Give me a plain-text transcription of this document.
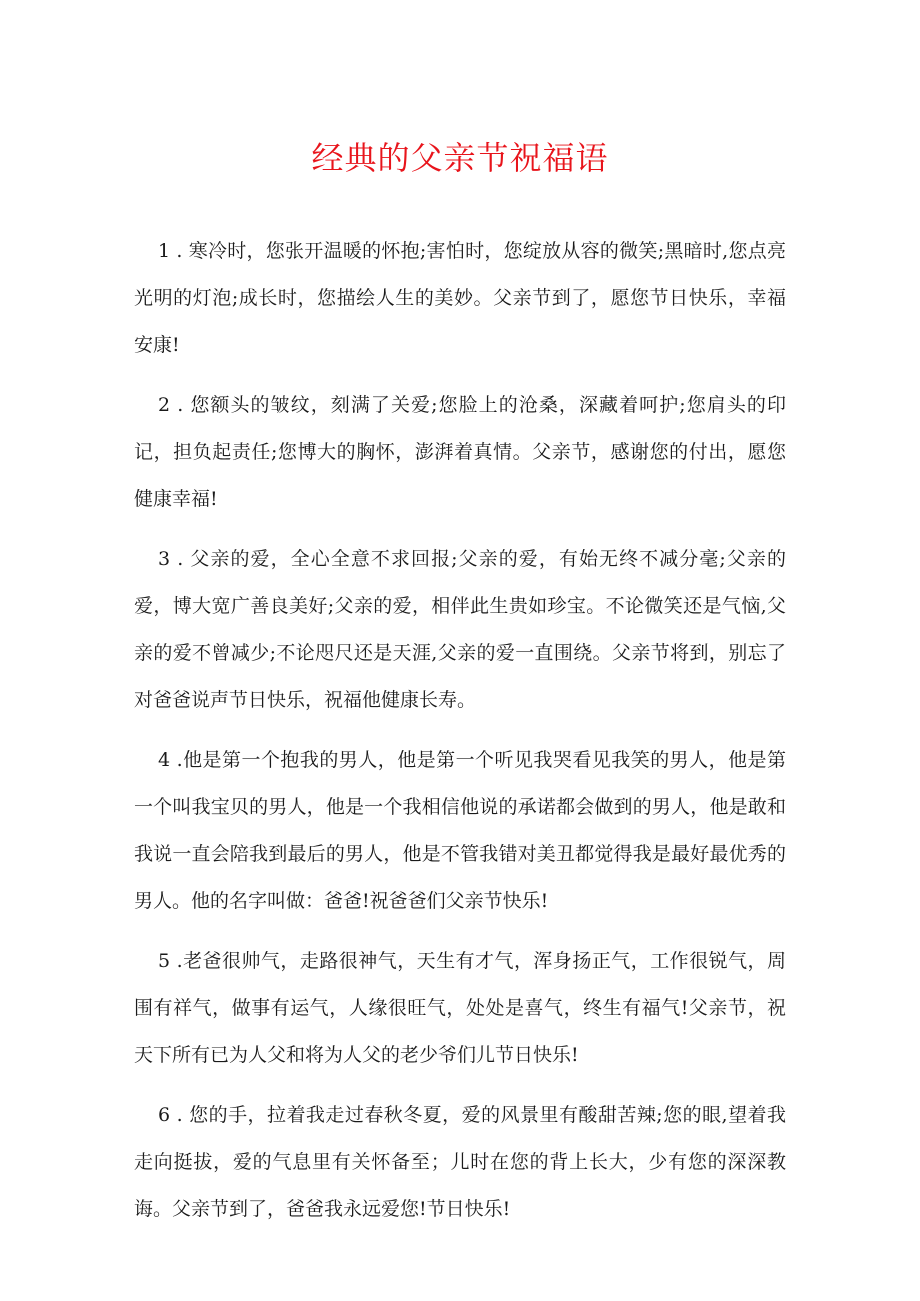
经典的父亲节祝福语

1 . 寒冷时，您张开温暖的怀抱;害怕时，您绽放从容的微笑;黑暗时,您点亮光明的灯泡;成长时，您描绘人生的美妙。父亲节到了，愿您节日快乐，幸福安康!

2 . 您额头的皱纹，刻满了关爱;您脸上的沧桑，深藏着呵护;您肩头的印记，担负起责任;您博大的胸怀，澎湃着真情。父亲节，感谢您的付出，愿您健康幸福!

3 . 父亲的爱，全心全意不求回报;父亲的爱，有始无终不减分毫;父亲的爱，博大宽广善良美好;父亲的爱，相伴此生贵如珍宝。不论微笑还是气恼,父亲的爱不曾减少;不论咫尺还是天涯,父亲的爱一直围绕。父亲节将到，别忘了对爸爸说声节日快乐，祝福他健康长寿。

4 .他是第一个抱我的男人，他是第一个听见我哭看见我笑的男人，他是第一个叫我宝贝的男人，他是一个我相信他说的承诺都会做到的男人，他是敢和我说一直会陪我到最后的男人，他是不管我错对美丑都觉得我是最好最优秀的男人。他的名字叫做：爸爸!祝爸爸们父亲节快乐!

5 .老爸很帅气，走路很神气，天生有才气，浑身扬正气，工作很锐气，周围有祥气，做事有运气，人缘很旺气，处处是喜气，终生有福气!父亲节，祝天下所有已为人父和将为人父的老少爷们儿节日快乐!

6 . 您的手，拉着我走过春秋冬夏，爱的风景里有酸甜苦辣;您的眼,望着我走向挺拔，爱的气息里有关怀备至；儿时在您的背上长大，少有您的深深教诲。父亲节到了，爸爸我永远爱您!节日快乐!
